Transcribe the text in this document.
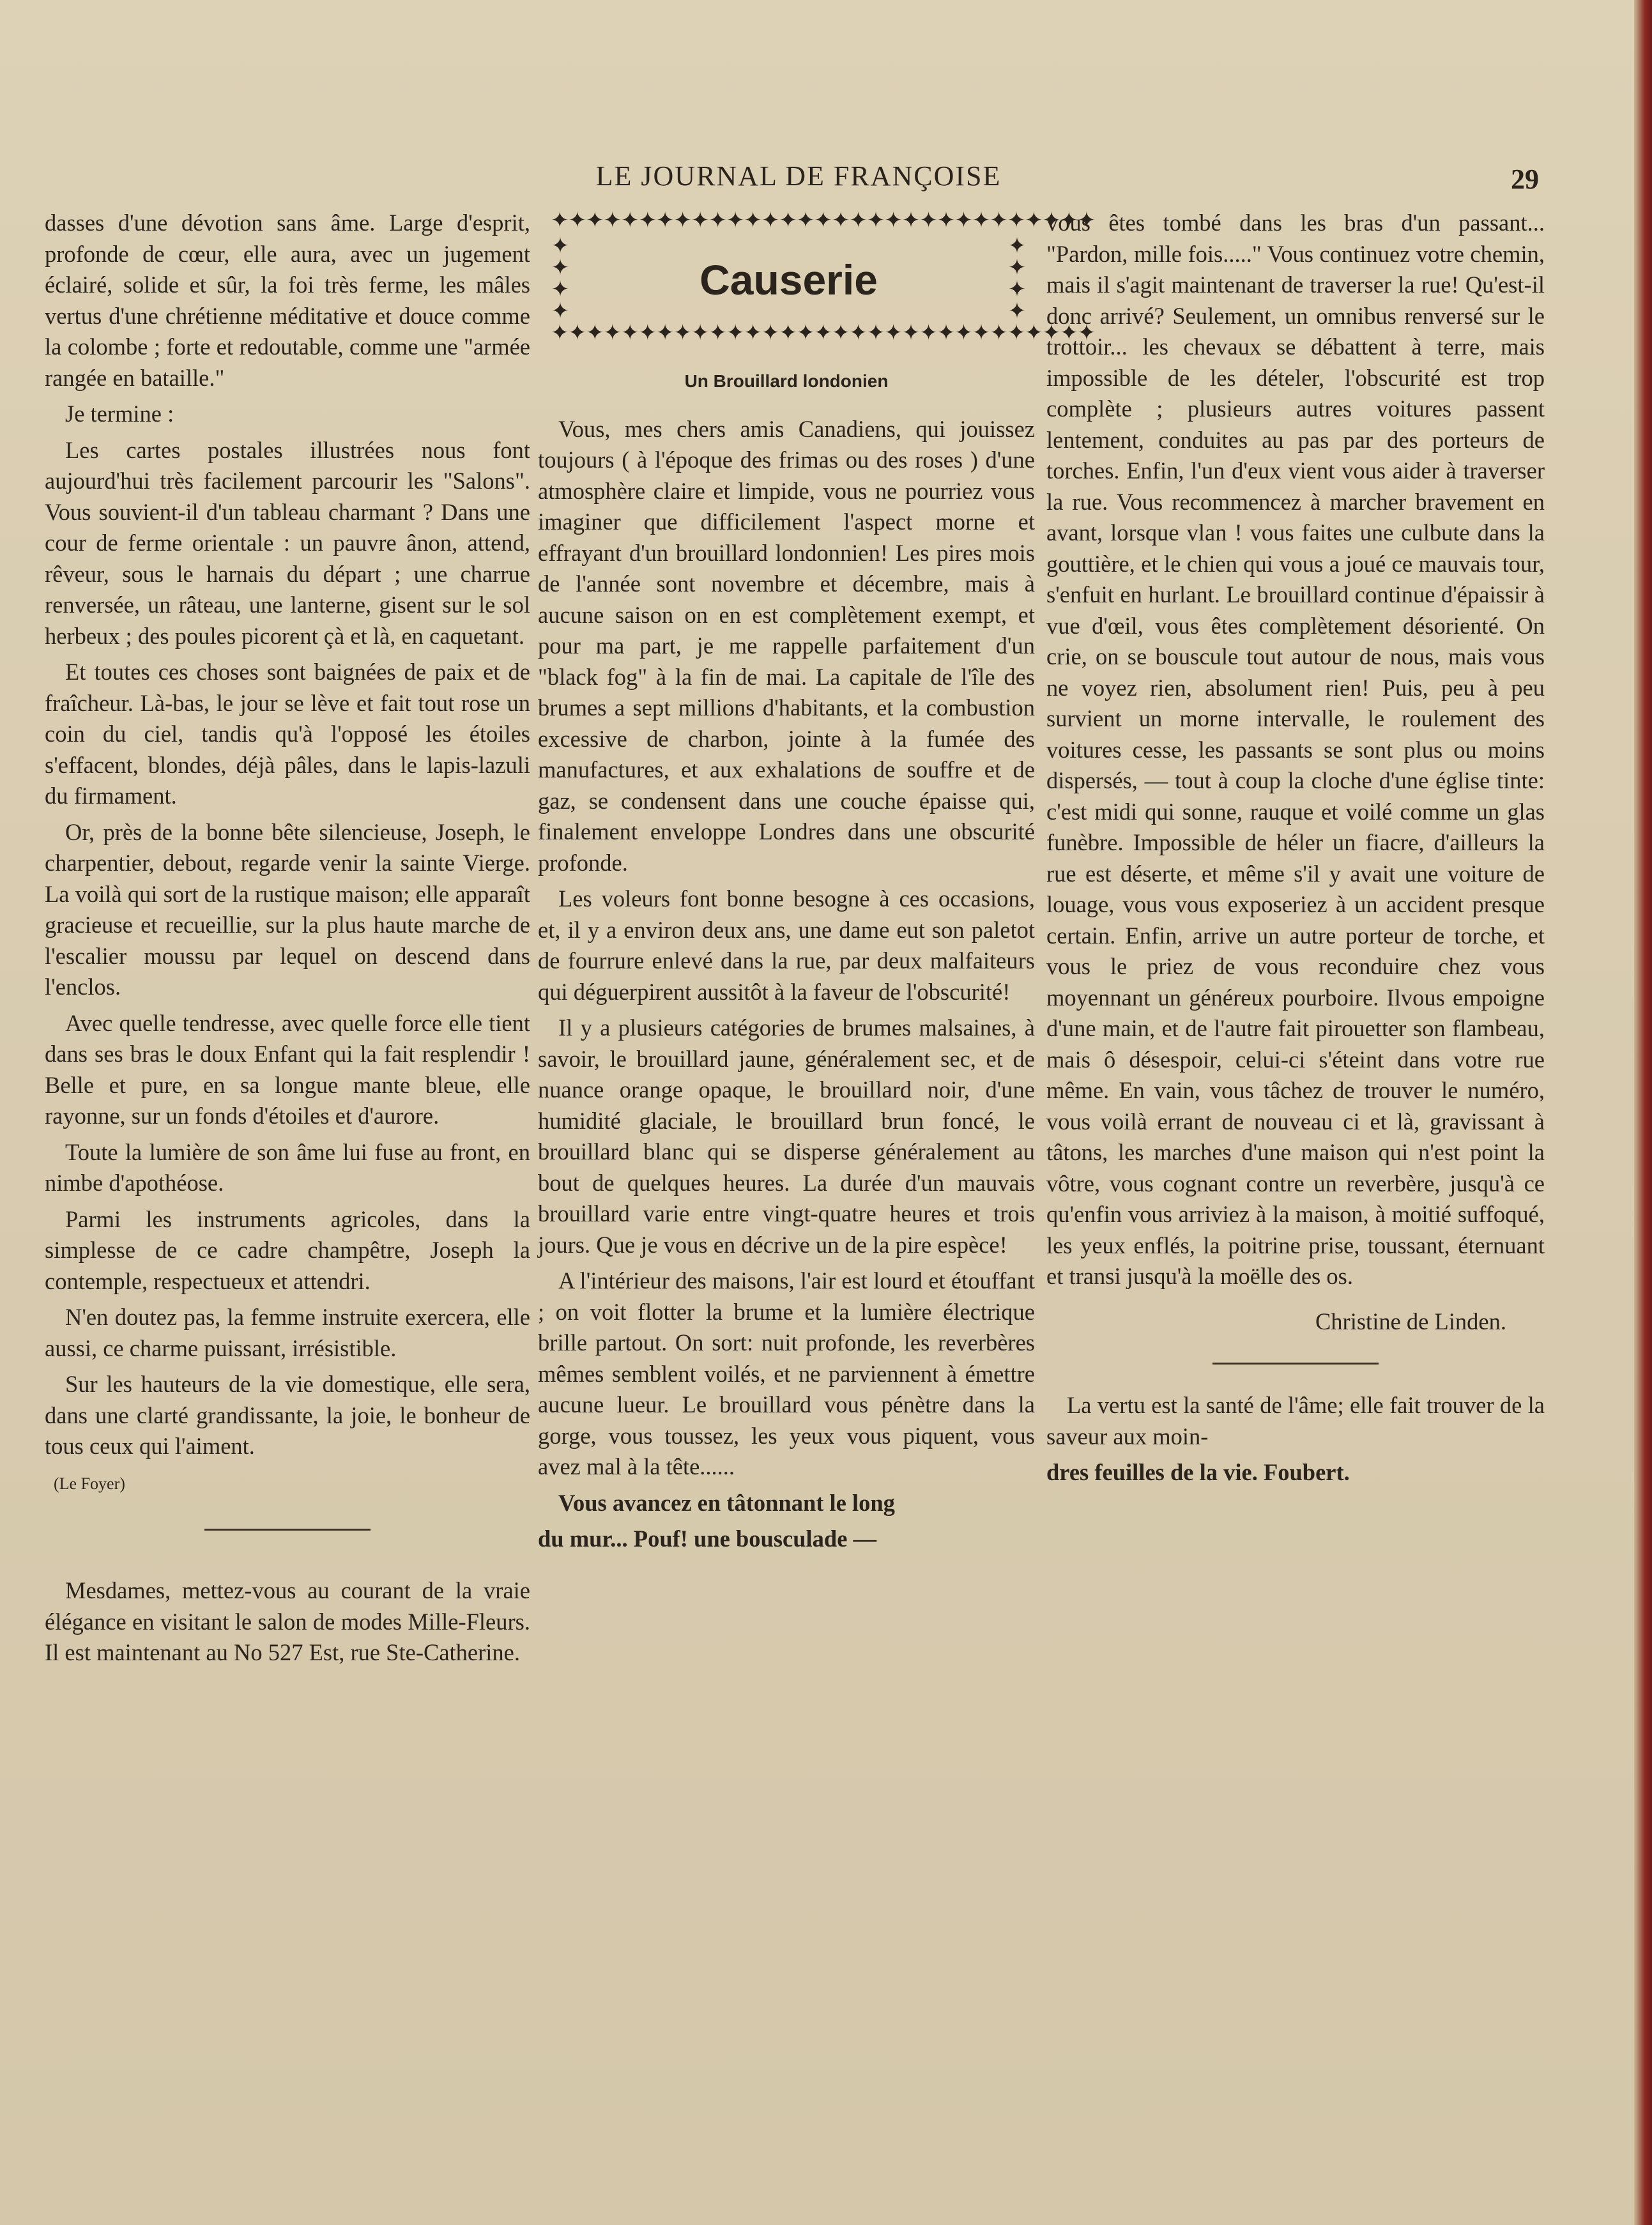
LE JOURNAL DE FRANÇOISE	29

dasses d'une dévotion sans âme. Large d'esprit, profonde de cœur, elle aura, avec un jugement éclairé, solide et sûr, la foi très ferme, les mâles vertus d'une chrétienne méditative et douce comme la colombe ; forte et redoutable, comme une "armée rangée en bataille."

Je termine :

Les cartes postales illustrées nous font aujourd'hui très facilement parcourir les "Salons". Vous souvient-il d'un tableau charmant ? Dans une cour de ferme orientale : un pauvre ânon, attend, rêveur, sous le harnais du départ ; une charrue renversée, un râteau, une lanterne, gisent sur le sol herbeux ; des poules picorent çà et là, en caquetant.

Et toutes ces choses sont baignées de paix et de fraîcheur. Là-bas, le jour se lève et fait tout rose un coin du ciel, tandis qu'à l'opposé les étoiles s'effacent, blondes, déjà pâles, dans le lapis-lazuli du firmament.

Or, près de la bonne bête silencieuse, Joseph, le charpentier, debout, regarde venir la sainte Vierge. La voilà qui sort de la rustique maison; elle apparaît gracieuse et recueillie, sur la plus haute marche de l'escalier moussu par lequel on descend dans l'enclos.

Avec quelle tendresse, avec quelle force elle tient dans ses bras le doux Enfant qui la fait resplendir ! Belle et pure, en sa longue mante bleue, elle rayonne, sur un fonds d'étoiles et d'aurore.

Toute la lumière de son âme lui fuse au front, en nimbe d'apothéose.

Parmi les instruments agricoles, dans la simplesse de ce cadre champêtre, Joseph la contemple, respectueux et attendri.

N'en doutez pas, la femme instruite exercera, elle aussi, ce charme puissant, irrésistible.

Sur les hauteurs de la vie domestique, elle sera, dans une clarté grandissante, la joie, le bonheur de tous ceux qui l'aiment.

(Le Foyer)

Mesdames, mettez-vous au courant de la vraie élégance en visitant le salon de modes Mille-Fleurs. Il est maintenant au No 527 Est, rue Ste-Catherine.

✦✦✦✦✦✦✦✦✦✦✦✦✦✦✦✦✦✦✦✦✦✦✦✦✦✦✦✦✦✦✦
✦
✦
✦
✦
✦
✦
✦
✦
Causerie
✦✦✦✦✦✦✦✦✦✦✦✦✦✦✦✦✦✦✦✦✦✦✦✦✦✦✦✦✦✦✦

Un Brouillard londonien

Vous, mes chers amis Canadiens, qui jouissez toujours ( à l'époque des frimas ou des roses ) d'une atmosphère claire et limpide, vous ne pourriez vous imaginer que difficilement l'aspect morne et effrayant d'un brouillard londonnien! Les pires mois de l'année sont novembre et décembre, mais à aucune saison on en est complètement exempt, et pour ma part, je me rappelle parfaitement d'un "black fog" à la fin de mai. La capitale de l'île des brumes a sept millions d'habitants, et la combustion excessive de charbon, jointe à la fumée des manufactures, et aux exhalations de souffre et de gaz, se condensent dans une couche épaisse qui, finalement enveloppe Londres dans une obscurité profonde.

Les voleurs font bonne besogne à ces occasions, et, il y a environ deux ans, une dame eut son paletot de fourrure enlevé dans la rue, par deux malfaiteurs qui déguerpirent aussitôt à la faveur de l'obscurité!

Il y a plusieurs catégories de brumes malsaines, à savoir, le brouillard jaune, généralement sec, et de nuance orange opaque, le brouillard noir, d'une humidité glaciale, le brouillard brun foncé, le brouillard blanc qui se disperse généralement au bout de quelques heures. La durée d'un mauvais brouillard varie entre vingt-quatre heures et trois jours. Que je vous en décrive un de la pire espèce!

A l'intérieur des maisons, l'air est lourd et étouffant ; on voit flotter la brume et la lumière électrique brille partout. On sort: nuit profonde, les reverbères mêmes semblent voilés, et ne parviennent à émettre aucune lueur. Le brouillard vous pénètre dans la gorge, vous toussez, les yeux vous piquent, vous avez mal à la tête......

Vous avancez en tâtonnant le long

du mur... Pouf! une bousculade —

vous êtes tombé dans les bras d'un passant... "Pardon, mille fois....." Vous continuez votre chemin, mais il s'agit maintenant de traverser la rue! Qu'est-il donc arrivé? Seulement, un omnibus renversé sur le trottoir... les chevaux se débattent à terre, mais impossible de les dételer, l'obscurité est trop complète ; plusieurs autres voitures passent lentement, conduites au pas par des porteurs de torches. Enfin, l'un d'eux vient vous aider à traverser la rue. Vous recommencez à marcher bravement en avant, lorsque vlan ! vous faites une culbute dans la gouttière, et le chien qui vous a joué ce mauvais tour, s'enfuit en hurlant. Le brouillard continue d'épaissir à vue d'œil, vous êtes complètement désorienté. On crie, on se bouscule tout autour de nous, mais vous ne voyez rien, absolument rien! Puis, peu à peu survient un morne intervalle, le roulement des voitures cesse, les passants se sont plus ou moins dispersés, — tout à coup la cloche d'une église tinte: c'est midi qui sonne, rauque et voilé comme un glas funèbre. Impossible de héler un fiacre, d'ailleurs la rue est déserte, et même s'il y avait une voiture de louage, vous vous exposeriez à un accident presque certain. Enfin, arrive un autre porteur de torche, et vous le priez de vous reconduire chez vous moyennant un généreux pourboire. Ilvous empoigne d'une main, et de l'autre fait pirouetter son flambeau, mais ô désespoir, celui-ci s'éteint dans votre rue même. En vain, vous tâchez de trouver le numéro, vous voilà errant de nouveau ci et là, gravissant à tâtons, les marches d'une maison qui n'est point la vôtre, vous cognant contre un reverbère, jusqu'à ce qu'enfin vous arriviez à la maison, à moitié suffoqué, les yeux enflés, la poitrine prise, toussant, éternuant et transi jusqu'à la moëlle des os.

Christine de Linden.

La vertu est la santé de l'âme; elle fait trouver de la saveur aux moin-

dres feuilles de la vie. Foubert.
